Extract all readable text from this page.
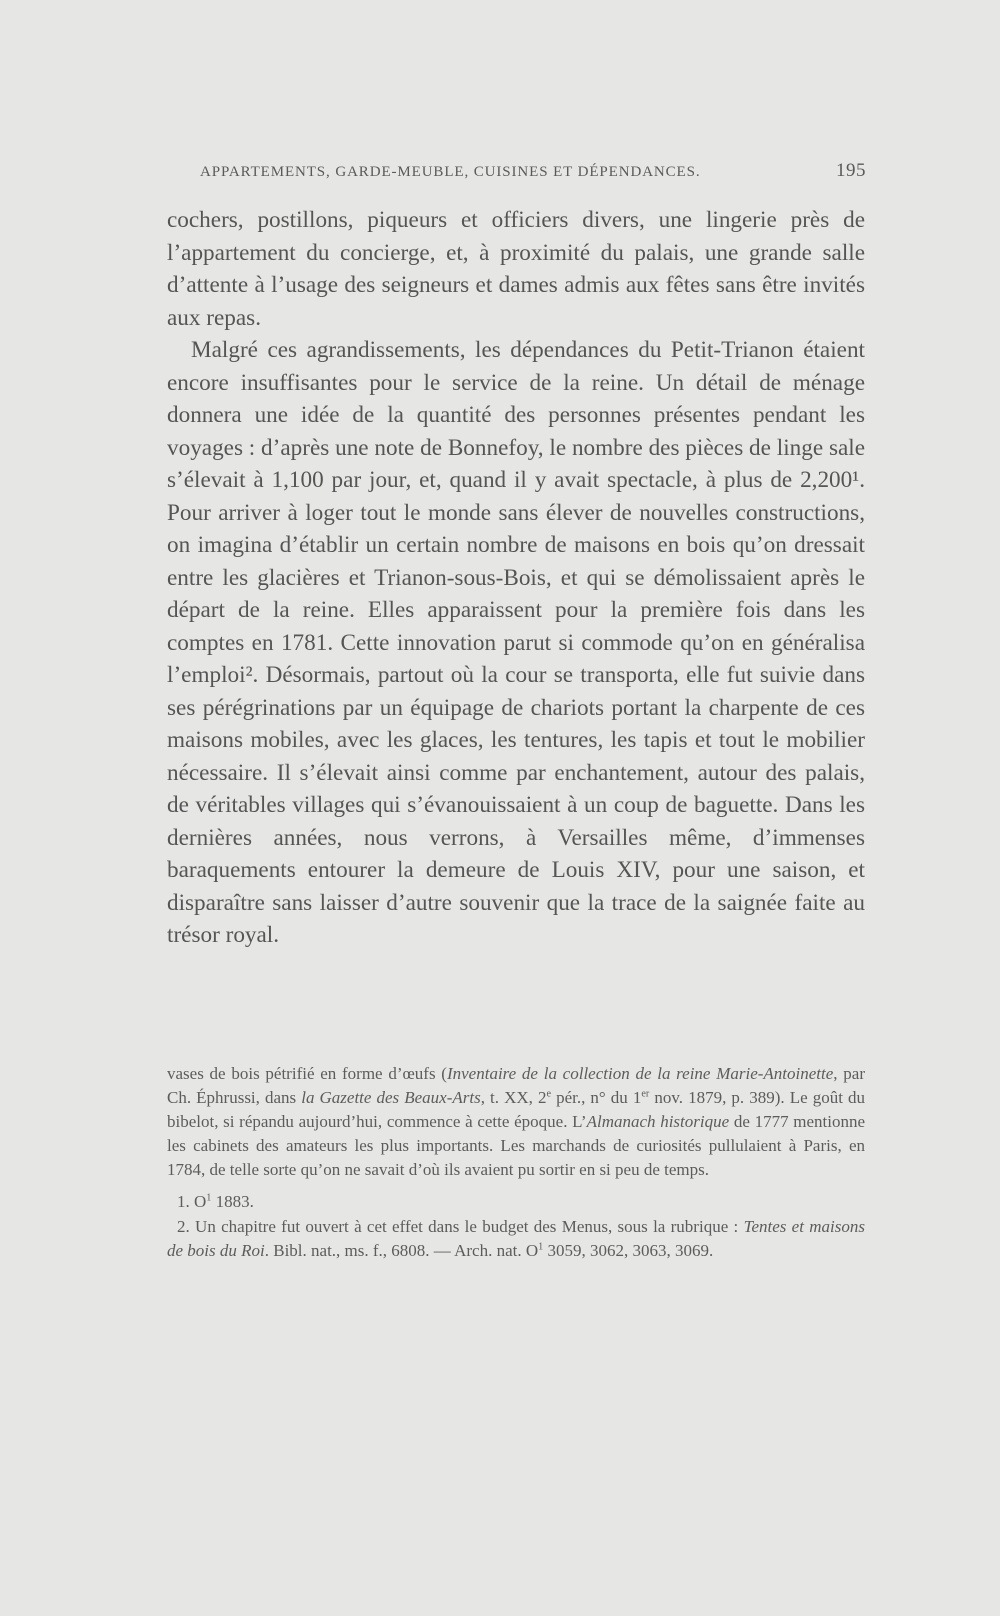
APPARTEMENTS, GARDE-MEUBLE, CUISINES ET DÉPENDANCES.	195

cochers, postillons, piqueurs et officiers divers, une lingerie près de l’appartement du concierge, et, à proximité du palais, une grande salle d’attente à l’usage des seigneurs et dames admis aux fêtes sans être invités aux repas.

Malgré ces agrandissements, les dépendances du Petit-Trianon étaient encore insuffisantes pour le service de la reine. Un détail de ménage donnera une idée de la quantité des personnes présentes pendant les voyages : d’après une note de Bonnefoy, le nombre des pièces de linge sale s’élevait à 1,100 par jour, et, quand il y avait spectacle, à plus de 2,200¹. Pour arriver à loger tout le monde sans élever de nouvelles constructions, on imagina d’établir un certain nombre de maisons en bois qu’on dressait entre les glacières et Trianon-sous-Bois, et qui se démolissaient après le départ de la reine. Elles apparaissent pour la première fois dans les comptes en 1781. Cette innovation parut si commode qu’on en généralisa l’emploi². Désormais, partout où la cour se transporta, elle fut suivie dans ses pérégrinations par un équipage de chariots portant la charpente de ces maisons mobiles, avec les glaces, les tentures, les tapis et tout le mobilier nécessaire. Il s’élevait ainsi comme par enchantement, autour des palais, de véritables villages qui s’évanouissaient à un coup de baguette. Dans les dernières années, nous verrons, à Versailles même, d’immenses baraquements entourer la demeure de Louis XIV, pour une saison, et disparaître sans laisser d’autre souvenir que la trace de la saignée faite au trésor royal.

vases de bois pétrifié en forme d’œufs (Inventaire de la collection de la reine Marie-Antoinette, par Ch. Éphrussi, dans la Gazette des Beaux-Arts, t. XX, 2e pér., n° du 1er nov. 1879, p. 389). Le goût du bibelot, si répandu aujourd’hui, commence à cette époque. L’Almanach historique de 1777 mentionne les cabinets des amateurs les plus importants. Les marchands de curiosités pullulaient à Paris, en 1784, de telle sorte qu’on ne savait d’où ils avaient pu sortir en si peu de temps.

1. $O^1$ 1883.

2. Un chapitre fut ouvert à cet effet dans le budget des Menus, sous la rubrique : Tentes et maisons de bois du Roi. Bibl. nat., ms. f., 6808. — Arch. nat. $O^1$ 3059, 3062, 3063, 3069.
